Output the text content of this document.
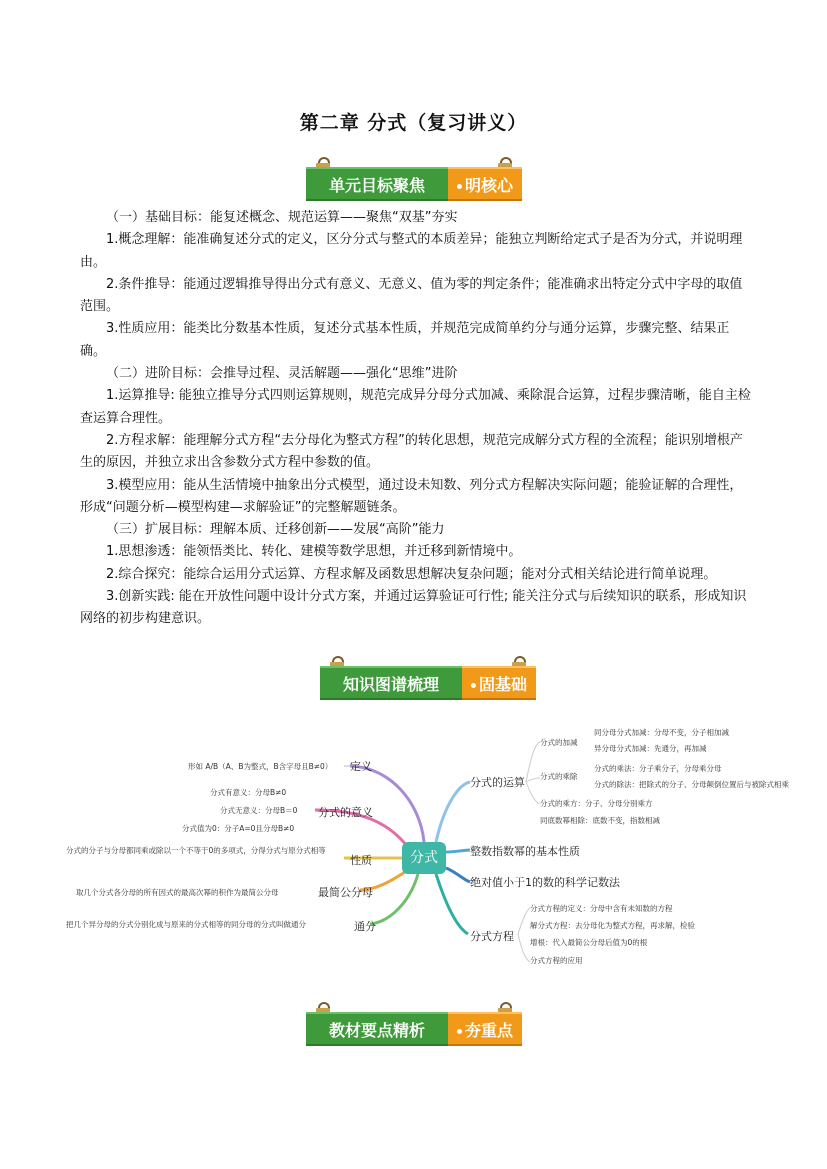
第二章 分式（复习讲义）
单元目标聚焦	明核心

（一）基础目标：能复述概念、规范运算——聚焦“双基”夯实

1.概念理解：能准确复述分式的定义，区分分式与整式的本质差异；能独立判断给定式子是否为分式，并说明理由。

2.条件推导：能通过逻辑推导得出分式有意义、无意义、值为零的判定条件；能准确求出特定分式中字母的取值范围。

3.性质应用：能类比分数基本性质，复述分式基本性质，并规范完成简单约分与通分运算，步骤完整、结果正确。

（二）进阶目标：会推导过程、灵活解题——强化“思维”进阶

1.运算推导: 能独立推导分式四则运算规则，规范完成异分母分式加减、乘除混合运算，过程步骤清晰，能自主检查运算合理性。

2.方程求解：能理解分式方程“去分母化为整式方程”的转化思想，规范完成解分式方程的全流程；能识别增根产生的原因，并独立求出含参数分式方程中参数的值。

3.模型应用：能从生活情境中抽象出分式模型，通过设未知数、列分式方程解决实际问题；能验证解的合理性，形成“问题分析—模型构建—求解验证”的完整解题链条。

（三）扩展目标：理解本质、迁移创新——发展“高阶”能力

1.思想渗透：能领悟类比、转化、建模等数学思想，并迁移到新情境中。

2.综合探究：能综合运用分式运算、方程求解及函数思想解决复杂问题；能对分式相关结论进行简单说理。

3.创新实践: 能在开放性问题中设计分式方案，并通过运算验证可行性; 能关注分式与后续知识的联系，形成知识网络的初步构建意识。

知识图谱梳理	固基础
分式
定义
形如 A/B（A、B为整式，B含字母且B≠0）
分式的意义
分式有意义：分母B≠0
分式无意义：分母B＝0
分式值为0：分子A=0且分母B≠0
性质
分式的分子与分母都同乘或除以一个不等于0的多项式，分得分式与原分式相等
最简公分母
取几个分式各分母的所有因式的最高次幂的积作为最简公分母
通分
把几个异分母的分式分别化成与原来的分式相等的同分母的分式叫做通分
分式的运算
分式的加减
同分母分式加减：分母不变，分子相加减
异分母分式加减：先通分，再加减
分式的乘除
分式的乘法：分子乘分子，分母乘分母
分式的除法：把除式的分子、分母颠倒位置后与被除式相乘
分式的乘方：分子、分母分别乘方
同底数幂相除：底数不变，指数相减
整数指数幂的基本性质
绝对值小于1的数的科学记数法
分式方程
分式方程的定义：分母中含有未知数的方程
解分式方程：去分母化为整式方程，再求解，检验
增根：代入最简公分母后值为0的根
分式方程的应用
教材要点精析	夯重点
